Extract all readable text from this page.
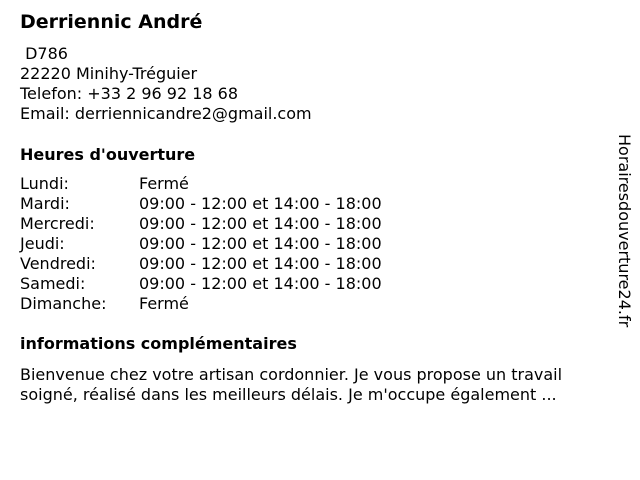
Derriennic André
D786
22220 Minihy-Tréguier
Telefon: +33 2 96 92 18 68
Email: derriennicandre2@gmail.com
Heures d'ouverture
Lundi:	Fermé
Mardi:	09:00 - 12:00 et 14:00 - 18:00
Mercredi:	09:00 - 12:00 et 14:00 - 18:00
Jeudi:	09:00 - 12:00 et 14:00 - 18:00
Vendredi:	09:00 - 12:00 et 14:00 - 18:00
Samedi:	09:00 - 12:00 et 14:00 - 18:00
Dimanche:	Fermé
informations complémentaires
Bienvenue chez votre artisan cordonnier. Je vous propose un travail
soigné, réalisé dans les meilleurs délais. Je m'occupe également ...
Horairesdouverture24.fr
